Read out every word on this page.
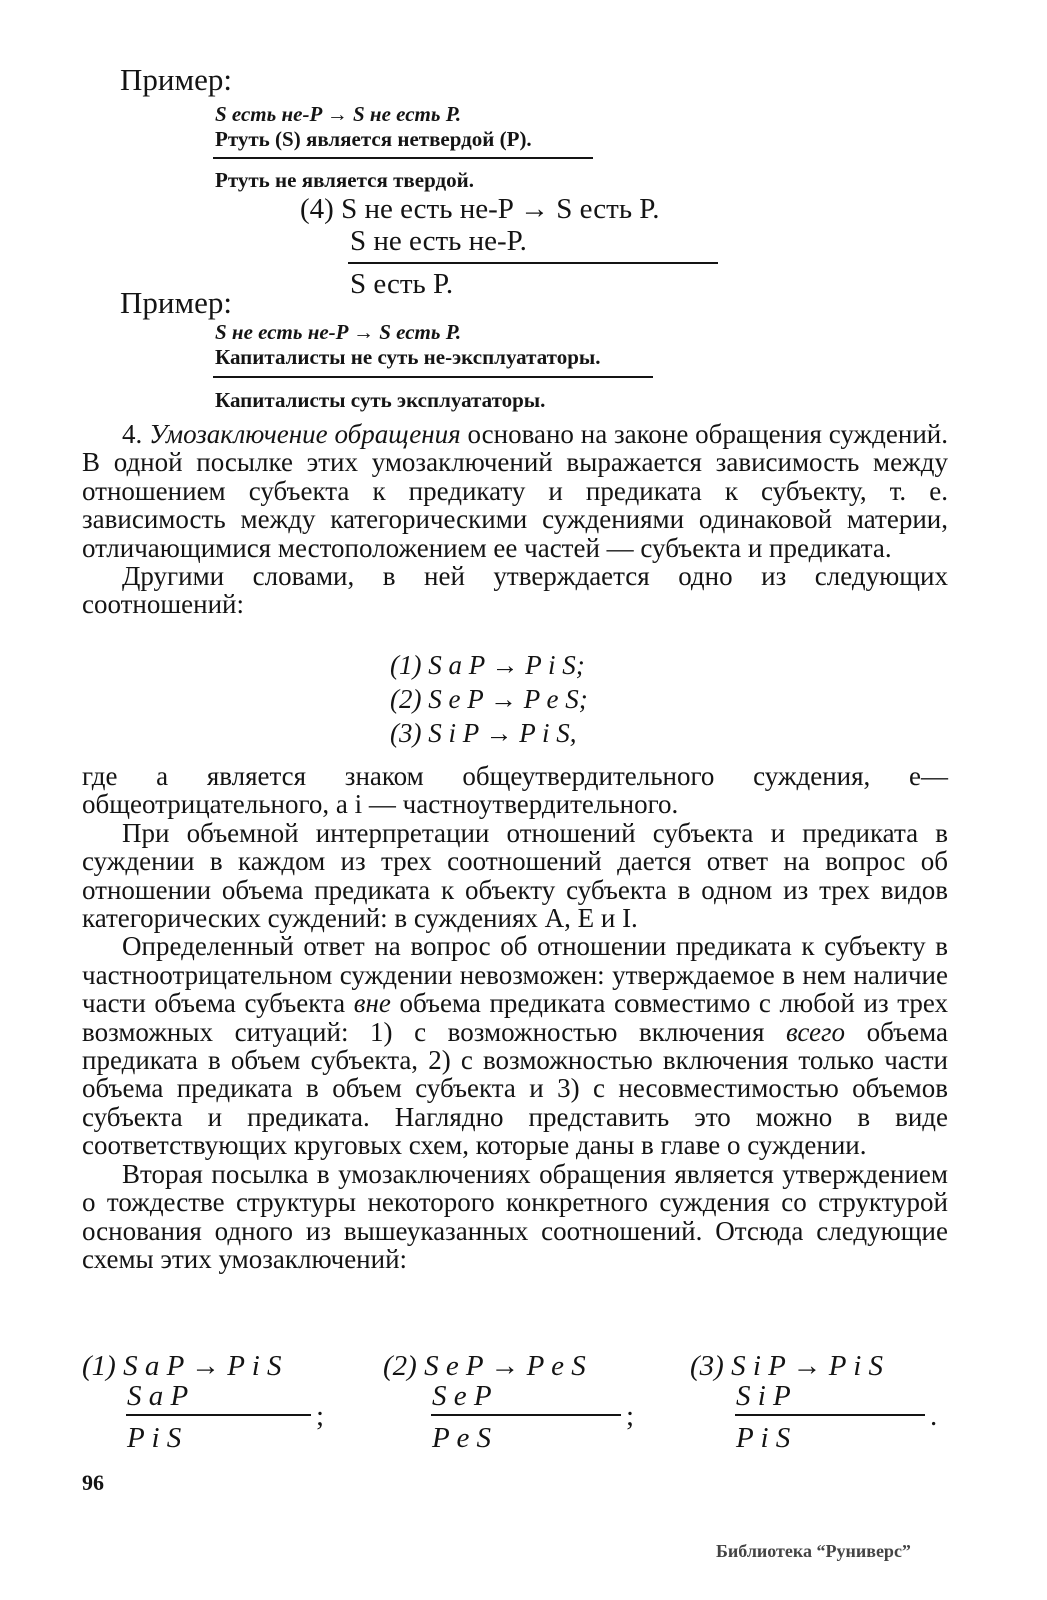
Пример:
S есть не-P → S не есть P.
Ртуть (S) является нетвердой (P).
Ртуть не является твердой.
(4) S не есть не-P → S есть P.
S не есть не-P.
S есть P.
Пример:
S не есть не-P → S есть P.
Капиталисты не суть не-эксплуататоры.
Капиталисты суть эксплуататоры.

4. Умозаключение обращения основано на законе обращения суждений. В одной посылке этих умозаключений выражается зависимость между отношением субъекта к предикату и предиката к субъекту, т. е. зависимость между категорическими суждениями одинаковой материи, отличающимися местоположением ее частей — субъекта и предиката.

Другими словами, в ней утверждается одно из следующих соотношений:

(1) S a P → P i S;
(2) S e P → P e S;
(3) S i P → P i S,

где a является знаком общеутвердительного суждения, e—общеотрицательного, а i — частноутвердительного.

При объемной интерпретации отношений субъекта и предиката в суждении в каждом из трех соотношений дается ответ на вопрос об отношении объема предиката к объекту субъекта в одном из трех видов категорических суждений: в суждениях A, E и I.

Определенный ответ на вопрос об отношении предиката к субъекту в частноотрицательном суждении невозможен: утверждаемое в нем наличие части объема субъекта вне объема предиката совместимо с любой из трех возможных ситуаций: 1) с возможностью включения всего объема предиката в объем субъекта, 2) с возможностью включения только части объема предиката в объем субъекта и 3) с несовместимостью объемов субъекта и предиката. Наглядно представить это можно в виде соответствующих круговых схем, которые даны в главе о суждении.

Вторая посылка в умозаключениях обращения является утверждением о тождестве структуры некоторого конкретного суждения со структурой основания одного из вышеуказанных соотношений. Отсюда следующие схемы этих умозаключений:

(1) S a P → P i S
S a P
;
P i S
(2) S e P → P e S
S e P
;
P e S
(3) S i P → P i S
S i P
.
P i S
96
Библиотека “Руниверс”
